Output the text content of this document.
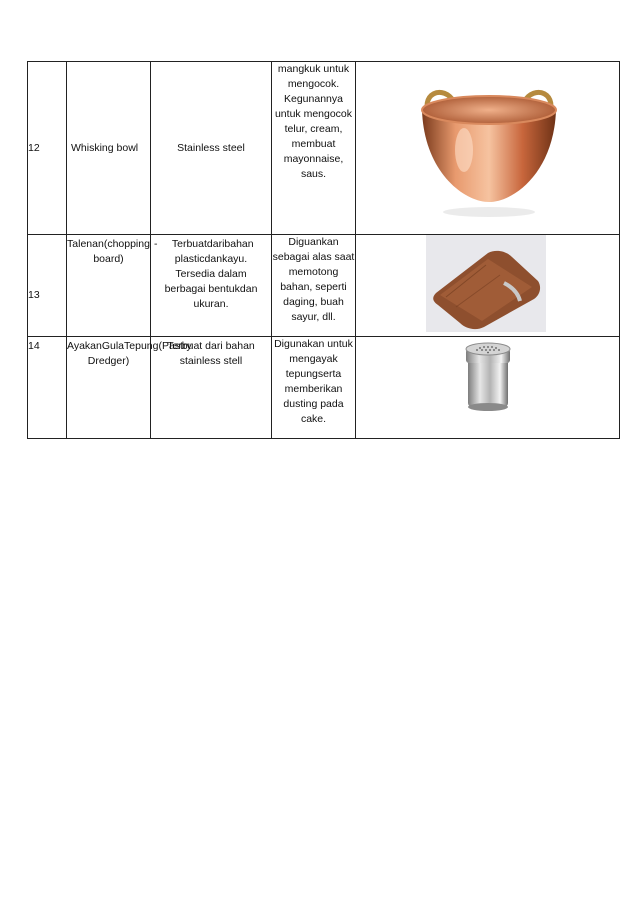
12	Whisking bowl	Stainless steel	mangkuk untuk mengocok. Kegunannya untuk mengocok telur, cream, membuat mayonnaise, saus.	

13	Talenan(chopping board)	- Terbuatdaribahan plasticdankayu.
Tersedia dalam berbagai bentukdan ukuran.	Diguankan sebagai alas saat memotong bahan, seperti daging, buah sayur, dll.	

14	AyakanGulaTepung(Pastry Dredger)	Terbuat dari bahan stainless stell	Digunakan untuk mengayak tepungserta memberikan dusting pada cake.	
